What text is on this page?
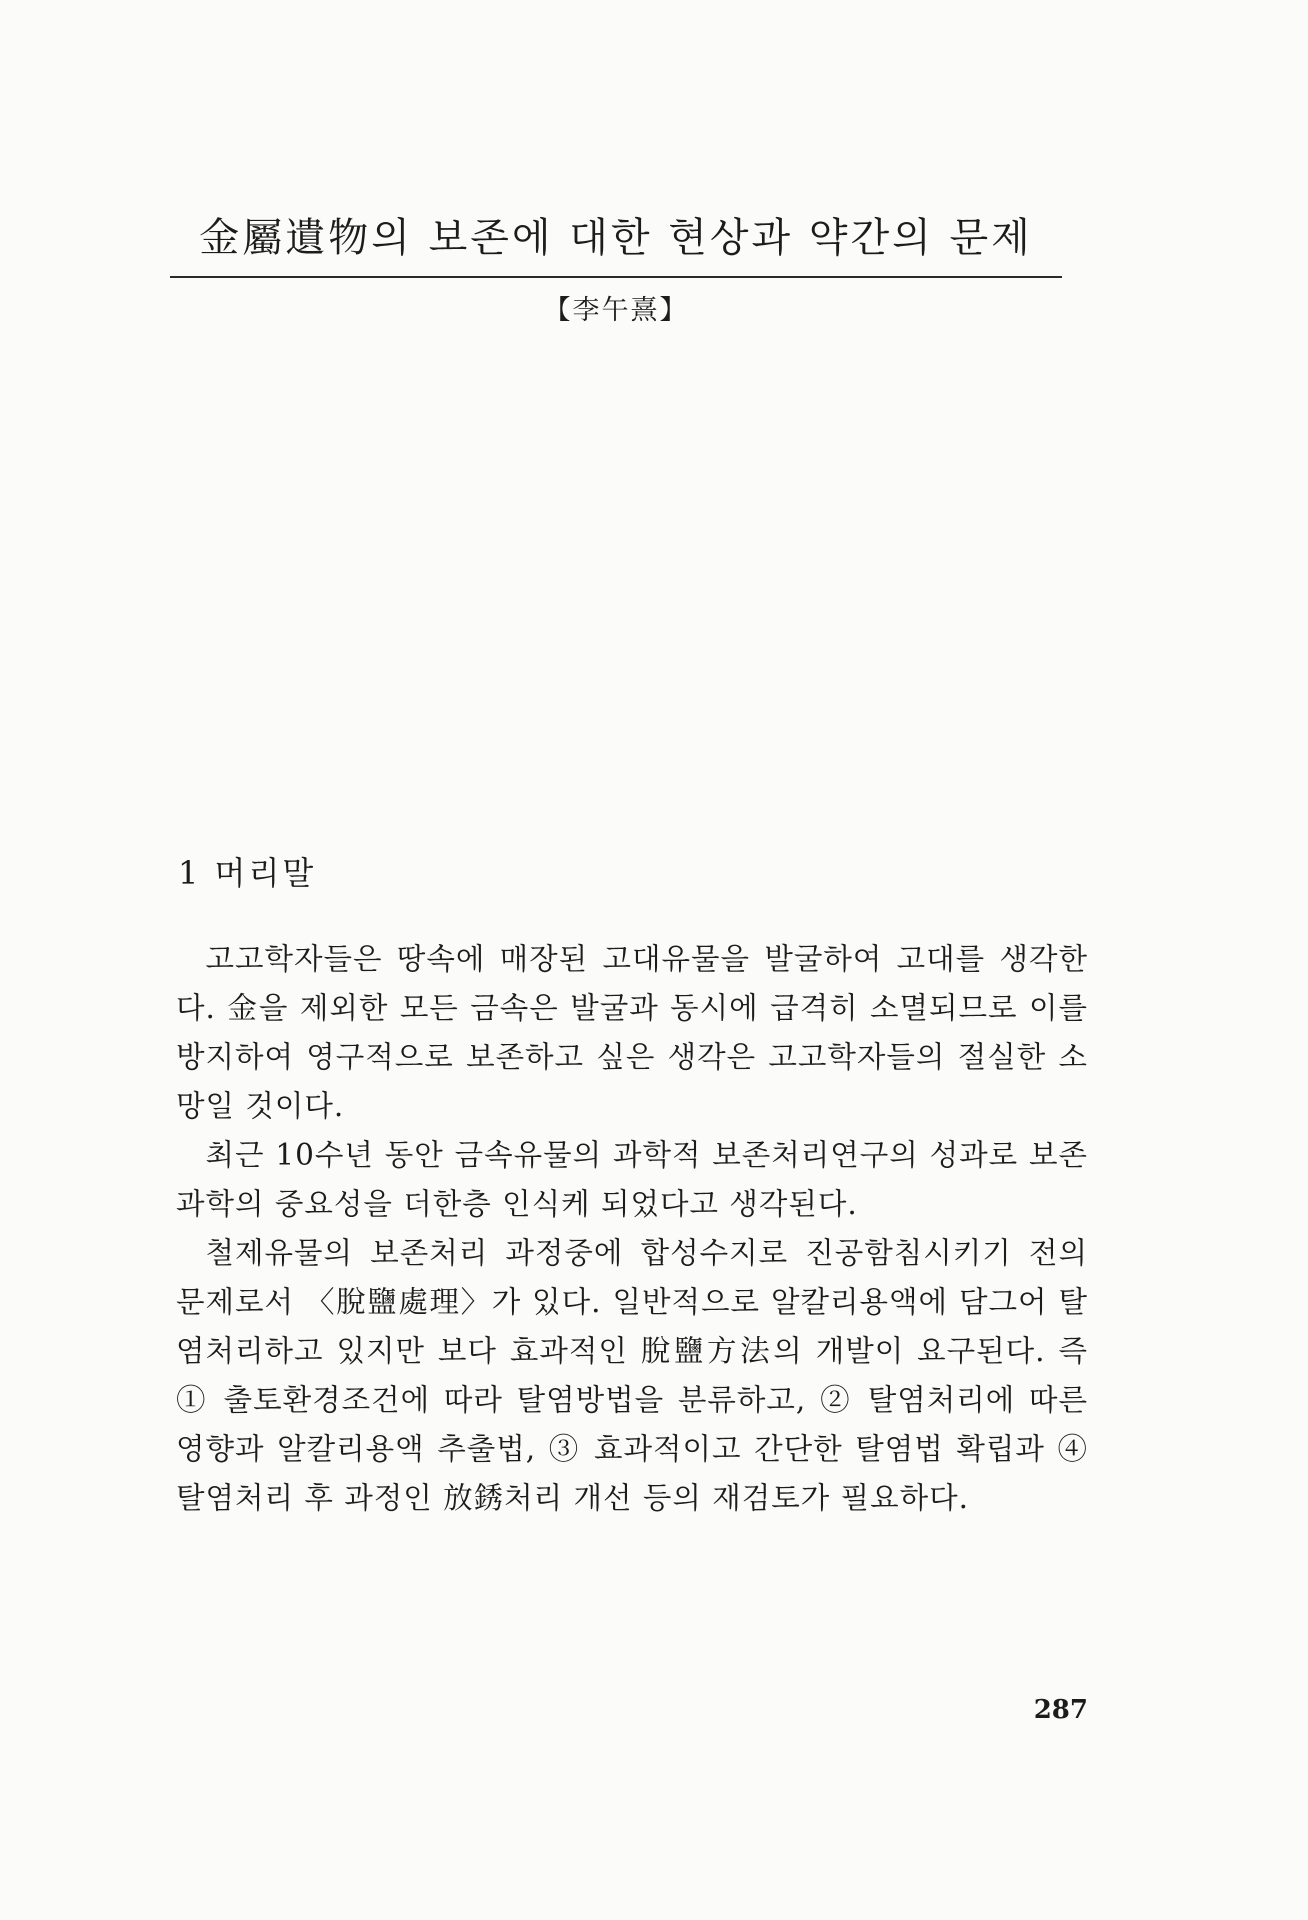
金屬遺物의 보존에 대한 현상과 약간의 문제
【李午熹】
1 머리말

고고학자들은 땅속에 매장된 고대유물을 발굴하여 고대를 생각한다. 金을 제외한 모든 금속은 발굴과 동시에 급격히 소멸되므로 이를 방지하여 영구적으로 보존하고 싶은 생각은 고고학자들의 절실한 소망일 것이다.

최근 10수년 동안 금속유물의 과학적 보존처리연구의 성과로 보존과학의 중요성을 더한층 인식케 되었다고 생각된다.

철제유물의 보존처리 과정중에 합성수지로 진공함침시키기 전의 문제로서 〈脫鹽處理〉가 있다. 일반적으로 알칼리용액에 담그어 탈염처리하고 있지만 보다 효과적인 脫鹽方法의 개발이 요구된다. 즉 ① 출토환경조건에 따라 탈염방법을 분류하고, ② 탈염처리에 따른 영향과 알칼리용액 추출법, ③ 효과적이고 간단한 탈염법 확립과 ④ 탈염처리 후 과정인 放銹처리 개선 등의 재검토가 필요하다.

287
